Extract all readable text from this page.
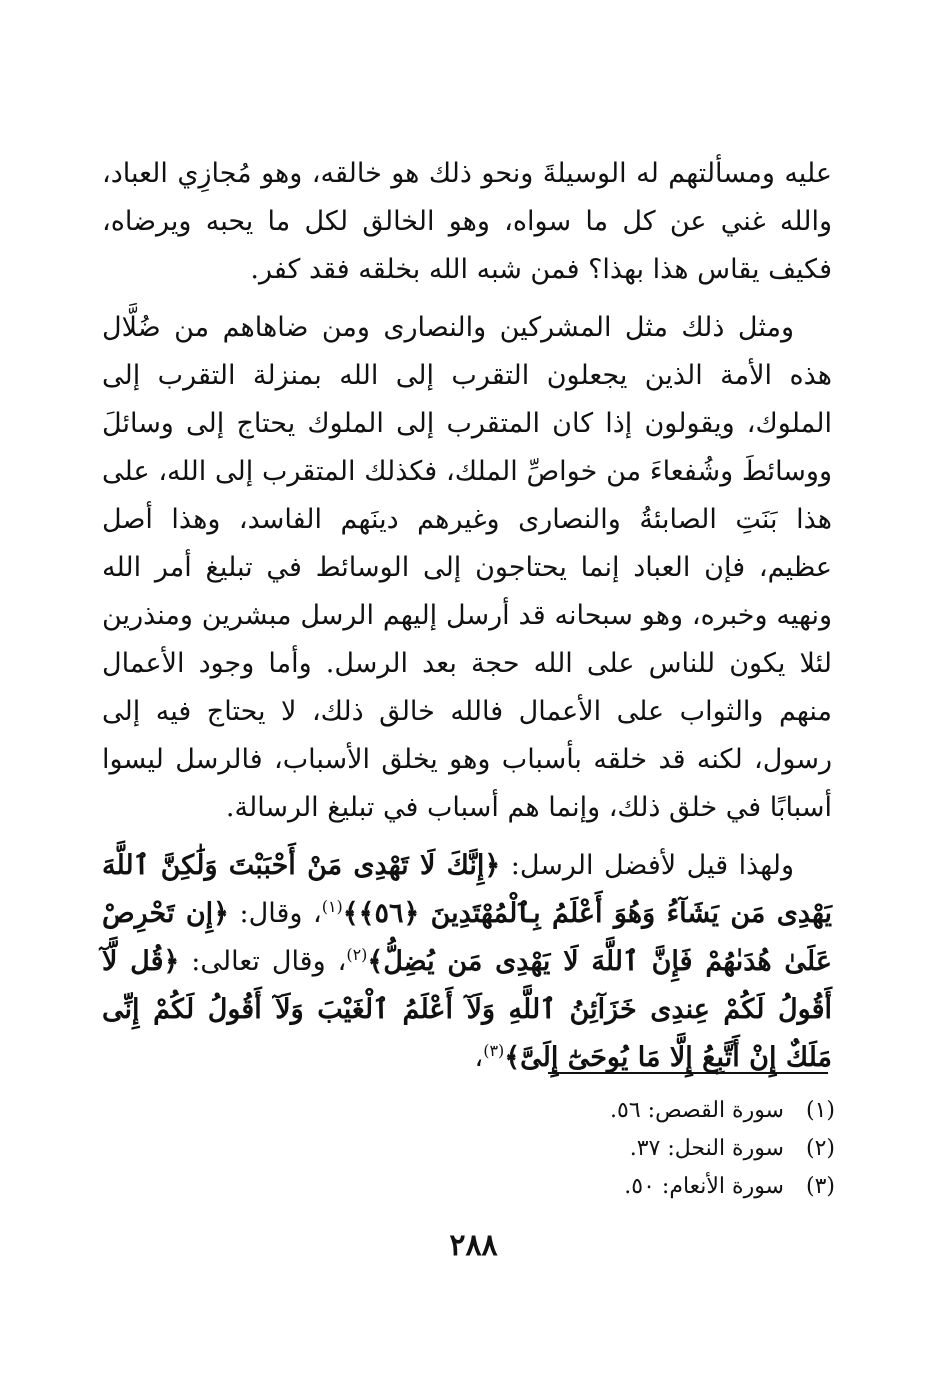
عليه ومسألتهم له الوسيلةَ ونحو ذلك هو خالقه، وهو مُجازِي العباد، والله غني عن كل ما سواه، وهو الخالق لكل ما يحبه ويرضاه، فكيف يقاس هذا بهذا؟ فمن شبه الله بخلقه فقد كفر.

ومثل ذلك مثل المشركين والنصارى ومن ضاهاهم من ضُلَّال هذه الأمة الذين يجعلون التقرب إلى الله بمنزلة التقرب إلى الملوك، ويقولون إذا كان المتقرب إلى الملوك يحتاج إلى وسائلَ ووسائطَ وشُفعاءَ من خواصِّ الملك، فكذلك المتقرب إلى الله، على هذا بَنَتِ الصابئةُ والنصارى وغيرهم دينَهم الفاسد، وهذا أصل عظيم، فإن العباد إنما يحتاجون إلى الوسائط في تبليغ أمر الله ونهيه وخبره، وهو سبحانه قد أرسل إليهم الرسل مبشرين ومنذرين لئلا يكون للناس على الله حجة بعد الرسل. وأما وجود الأعمال منهم والثواب على الأعمال فالله خالق ذلك، لا يحتاج فيه إلى رسول، لكنه قد خلقه بأسباب وهو يخلق الأسباب، فالرسل ليسوا أسبابًا في خلق ذلك، وإنما هم أسباب في تبليغ الرسالة.

ولهذا قيل لأفضل الرسل: ﴿إِنَّكَ لَا تَهْدِى مَنْ أَحْبَبْتَ وَلَٰكِنَّ ٱللَّهَ يَهْدِى مَن يَشَآءُ وَهُوَ أَعْلَمُ بِٱلْمُهْتَدِينَ ﴿٥٦﴾﴾$^{(١)}$، وقال: ﴿إِن تَحْرِصْ عَلَىٰ هُدَىٰهُمْ فَإِنَّ ٱللَّهَ لَا يَهْدِى مَن يُضِلُّ﴾$^{(٢)}$، وقال تعالى: ﴿قُل لَّآ أَقُولُ لَكُمْ عِندِى خَزَآئِنُ ٱللَّهِ وَلَآ أَعْلَمُ ٱلْغَيْبَ وَلَآ أَقُولُ لَكُمْ إِنِّى مَلَكٌ إِنْ أَتَّبِعُ إِلَّا مَا يُوحَىٰٓ إِلَىَّ﴾$^{(٣)}$،

(١) سورة القصص: ٥٦.
(٢) سورة النحل: ٣٧.
(٣) سورة الأنعام: ٥٠.
٢٨٨
